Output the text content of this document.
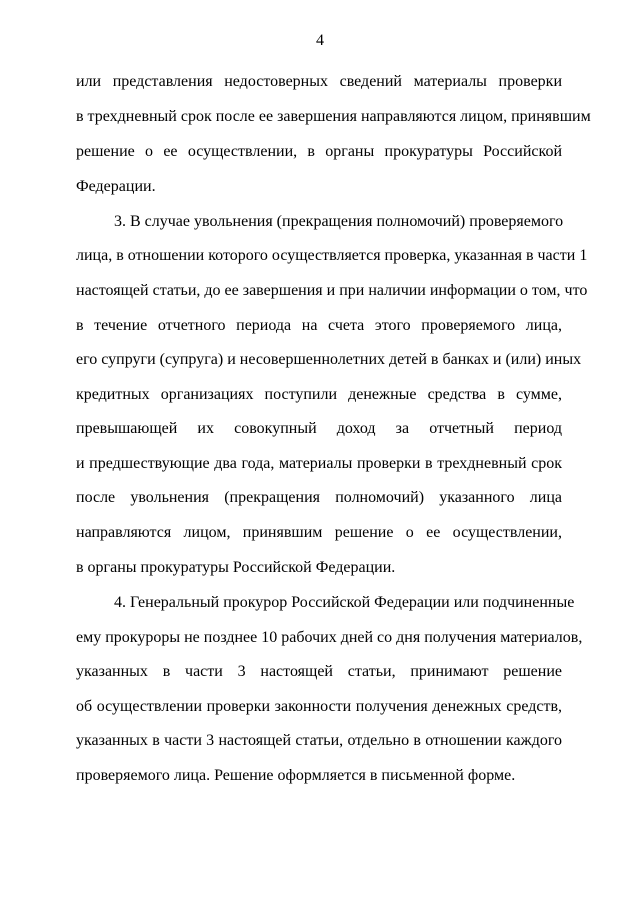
4
или представления недостоверных сведений материалы проверки
в трехдневный срок после ее завершения направляются лицом, принявшим
решение о ее осуществлении, в органы прокуратуры Российской
Федерации.
3. В случае увольнения (прекращения полномочий) проверяемого
лица, в отношении которого осуществляется проверка, указанная в части 1
настоящей статьи, до ее завершения и при наличии информации о том, что
в течение отчетного периода на счета этого проверяемого лица,
его супруги (супруга) и несовершеннолетних детей в банках и (или) иных
кредитных организациях поступили денежные средства в сумме,
превышающей их совокупный доход за отчетный период
и предшествующие два года, материалы проверки в трехдневный срок
после увольнения (прекращения полномочий) указанного лица
направляются лицом, принявшим решение о ее осуществлении,
в органы прокуратуры Российской Федерации.
4. Генеральный прокурор Российской Федерации или подчиненные
ему прокуроры не позднее 10 рабочих дней со дня получения материалов,
указанных в части 3 настоящей статьи, принимают решение
об осуществлении проверки законности получения денежных средств,
указанных в части 3 настоящей статьи, отдельно в отношении каждого
проверяемого лица. Решение оформляется в письменной форме.
